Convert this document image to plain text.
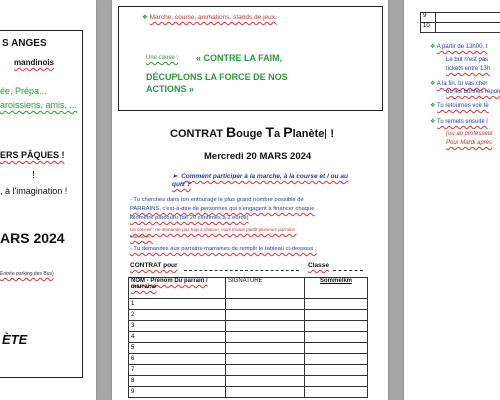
S ANGES
mandinois
ée, Prépa...
aroissiens, amis, ...
ERS PÂQUES !
!
, à l'imagination !
ARS 2024
Entrée parking des Bus)
ÈTE
❖ Marche, course, animations, stands de jeux.
Une cause : « CONTRE LA FAIM,
DÉCUPLONS LA FORCE DE NOS
ACTIONS »
CONTRAT Bouge Ta Planète !
Mercredi 20 MARS 2024
➢  Comment participer à la marche, à la course et / ou au
quiz ?
- Tu cherches dans ton entourage le plus grand nombre possible de
PARRAINS, c'est-à-dire de personnes qui s'engagent à financer chaque
kilomètre parcouru (de 20 centimes à 2 euros)
Un conseil : ne demande pas trop à chacun, mais trouve plutôt plusieurs parrains-
marraines !
- Tu demandes aux parrains-marraines de remplir le tableau ci-dessous :
CONTRAT pour	Classe
NOM - Prénom Du parrain / marraine	SIGNATURE	Somme/km
1		
2		
3		
4		
5		
6		
7		
8		
9		
9
10
❖ A partir de 13h00, t
Le but n'est pas
tickets entre 13h
❖ A la fin, tu vas cher
ou les bonnes répon
❖ Tu retournes voir te
❖ Tu remets ensuite l
(ou au professeur
Pour Mardi après
